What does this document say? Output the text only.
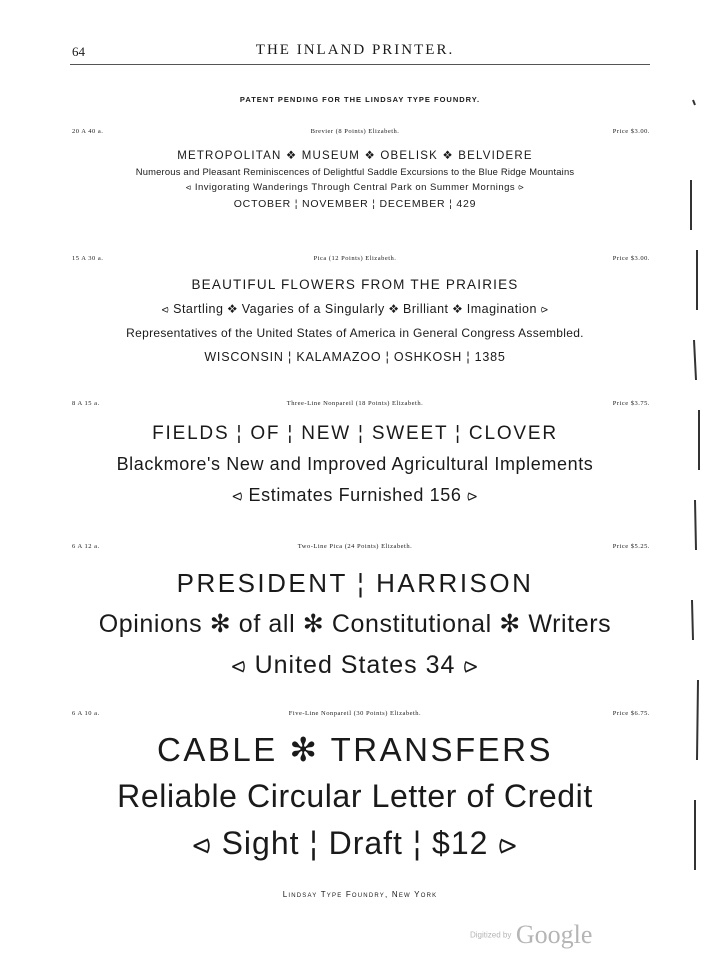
64	THE INLAND PRINTER.
PATENT PENDING FOR THE LINDSAY TYPE FOUNDRY.
20 A 40 a.	Brevier (8 Points) Elizabeth.	Price $3.00.
METROPOLITAN ❖ MUSEUM ❖ OBELISK ❖ BELVIDERE
Numerous and Pleasant Reminiscences of Delightful Saddle Excursions to the Blue Ridge Mountains
⪦ Invigorating Wanderings Through Central Park on Summer Mornings ⪧
OCTOBER ¦ NOVEMBER ¦ DECEMBER ¦ 429
15 A 30 a.	Pica (12 Points) Elizabeth.	Price $3.00.
BEAUTIFUL FLOWERS FROM THE PRAIRIES
⪦ Startling ❖ Vagaries of a Singularly ❖ Brilliant ❖ Imagination ⪧
Representatives of the United States of America in General Congress Assembled.
WISCONSIN ¦ KALAMAZOO ¦ OSHKOSH ¦ 1385
8 A 15 a.	Three-Line Nonpareil (18 Points) Elizabeth.	Price $3.75.
FIELDS ¦ OF ¦ NEW ¦ SWEET ¦ CLOVER
Blackmore's New and Improved Agricultural Implements
⪦ Estimates Furnished 156 ⪧
6 A 12 a.	Two-Line Pica (24 Points) Elizabeth.	Price $5.25.
PRESIDENT ¦ HARRISON
Opinions ✻ of all ✻ Constitutional ✻ Writers
⪦ United States 34 ⪧
6 A 10 a.	Five-Line Nonpareil (30 Points) Elizabeth.	Price $6.75.
CABLE ✻ TRANSFERS
Reliable Circular Letter of Credit
⪦ Sight ¦ Draft ¦ $12 ⪧
Lindsay Type Foundry, New York
Digitized by Google
